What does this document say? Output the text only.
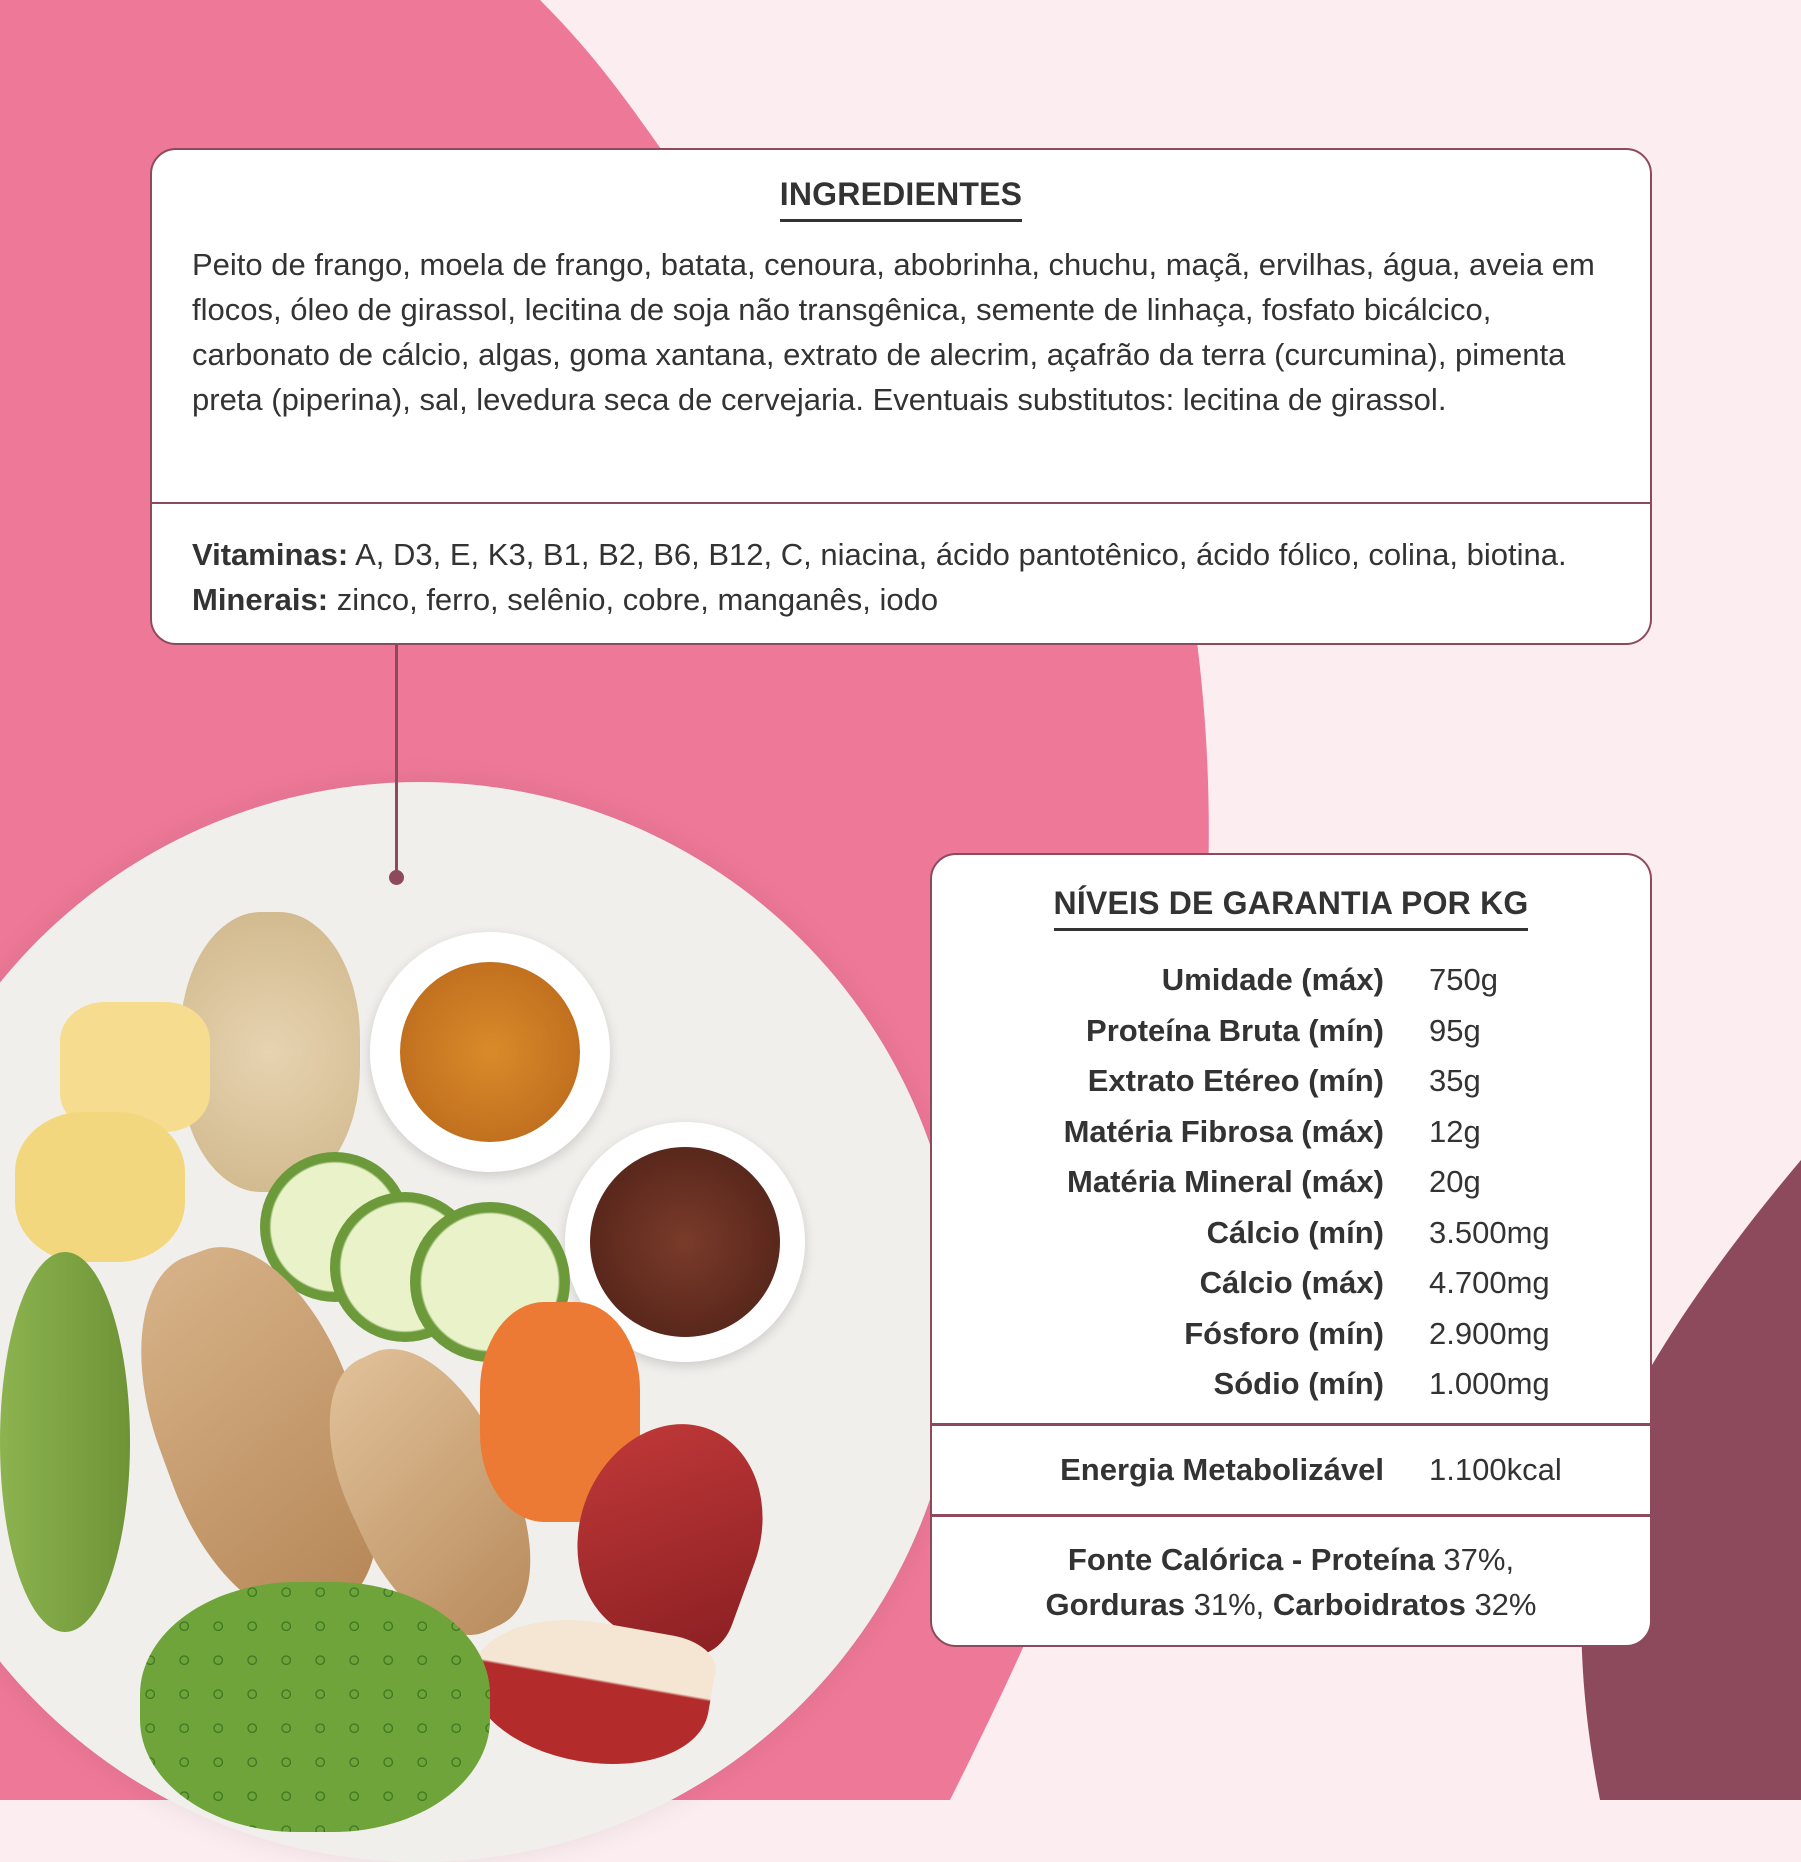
INGREDIENTES
Peito de frango, moela de frango, batata, cenoura, abobrinha, chuchu, maçã, ervilhas, água, aveia em flocos, óleo de girassol, lecitina de soja não transgênica, semente de linhaça, fosfato bicálcico, carbonato de cálcio, algas, goma xantana, extrato de alecrim, açafrão da terra (curcumina), pimenta preta (piperina), sal, levedura seca de cervejaria. Eventuais substitutos: lecitina de girassol.
Vitaminas: A, D3, E, K3, B1, B2, B6, B12, C, niacina, ácido pantotênico, ácido fólico, colina, biotina. Minerais: zinco, ferro, selênio, cobre, manganês, iodo
NÍVEIS DE GARANTIA POR KG
Umidade (máx)	750g
Proteína Bruta (mín)	95g
Extrato Etéreo (mín)	35g
Matéria Fibrosa (máx)	12g
Matéria Mineral (máx)	20g
Cálcio (mín)	3.500mg
Cálcio (máx)	4.700mg
Fósforo (mín)	2.900mg
Sódio (mín)	1.000mg
Energia Metabolizável	1.100kcal
Fonte Calórica - Proteína 37%,
Gorduras 31%, Carboidratos 32%
